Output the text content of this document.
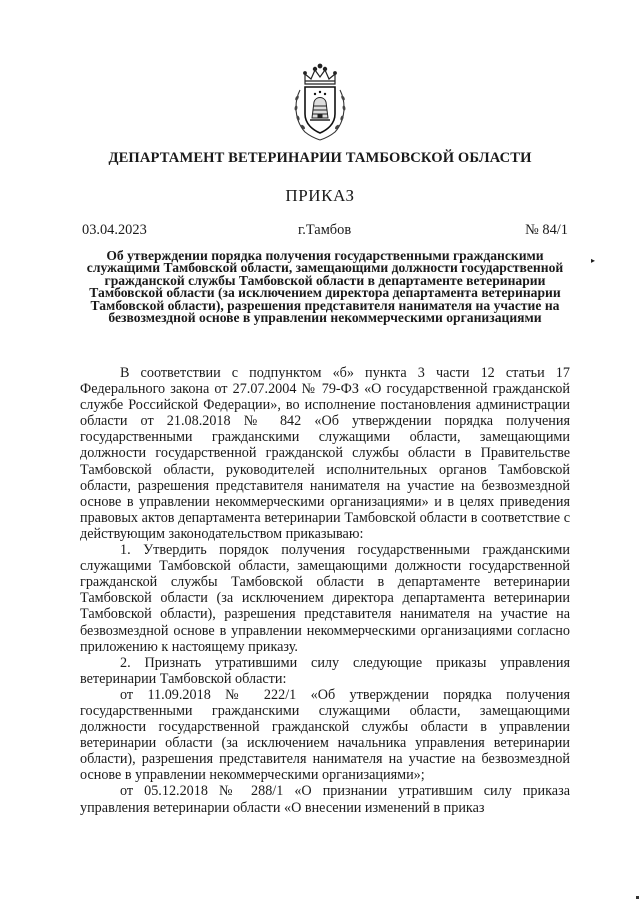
ДЕПАРТАМЕНТ ВЕТЕРИНАРИИ ТАМБОВСКОЙ ОБЛАСТИ
ПРИКАЗ
03.04.2023	г.Тамбов	№ 84/1
▸
Об утверждении порядка получения государственными гражданскими служащими Тамбовской области, замещающими должности государственной гражданской службы Тамбовской области в департаменте ветеринарии Тамбовской области (за исключением директора департамента ветеринарии Тамбовской области), разрешения представителя нанимателя на участие на безвозмездной основе в управлении некоммерческими организациями

В соответствии с подпунктом «б» пункта 3 части 12 статьи 17 Федерального закона от 27.07.2004 № 79-ФЗ «О государственной гражданской службе Российской Федерации», во исполнение постановления администрации области от 21.08.2018 № 842 «Об утверждении порядка получения государственными гражданскими служащими области, замещающими должности государственной гражданской службы области в Правительстве Тамбовской области, руководителей исполнительных органов Тамбовской области, разрешения представителя нанимателя на участие на безвозмездной основе в управлении некоммерческими организациями» и в целях приведения правовых актов департамента ветеринарии Тамбовской области в соответствие с действующим законодательством приказываю:

1. Утвердить порядок получения государственными гражданскими служащими Тамбовской области, замещающими должности государственной гражданской службы Тамбовской области в департаменте ветеринарии Тамбовской области (за исключением директора департамента ветеринарии Тамбовской области), разрешения представителя нанимателя на участие на безвозмездной основе в управлении некоммерческими организациями согласно приложению к настоящему приказу.

2. Признать утратившими силу следующие приказы управления ветеринарии Тамбовской области:

от 11.09.2018 № 222/1 «Об утверждении порядка получения государственными гражданскими служащими области, замещающими должности государственной гражданской службы области в управлении ветеринарии области (за исключением начальника управления ветеринарии области), разрешения представителя нанимателя на участие на безвозмездной основе в управлении некоммерческими организациями»;

от 05.12.2018 № 288/1 «О признании утратившим силу приказа управления ветеринарии области «О внесении изменений в приказ
